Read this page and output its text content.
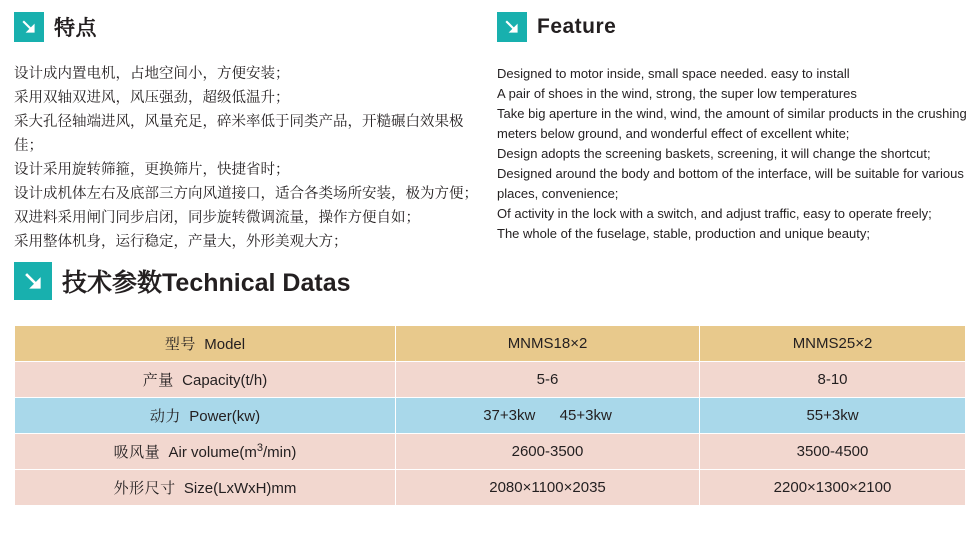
特点
设计成内置电机，占地空间小，方便安装；
采用双轴双进风，风压强劲，超级低温升；
采大孔径轴端进风，风量充足，碎米率低于同类产品，开糙碾白效果极佳；
设计采用旋转筛箍，更换筛片，快捷省时；
设计成机体左右及底部三方向风道接口，适合各类场所安装，极为方便；
双进料采用闸门同步启闭，同步旋转微调流量，操作方便自如；
采用整体机身，运行稳定，产量大，外形美观大方；
Feature
Designed to motor inside, small space needed. easy to install
A pair of shoes in the wind, strong, the super low temperatures
Take big aperture in the wind, wind, the amount of similar products in the crushing
meters below ground, and wonderful effect of excellent white;
Design adopts the screening baskets, screening, it will change the shortcut;
Designed around the body and bottom of the interface, will be suitable for various
places, convenience;
Of activity in the lock with a switch, and adjust traffic, easy to operate freely;
The whole of the fuselage, stable, production and unique beauty;
技术参数Technical Datas
型号 Model	MNMS18×2	MNMS25×2
产量 Capacity(t/h)	5-6	8-10
动力 Power(kw)	37+3kw 45+3kw	55+3kw
吸风量 Air $volume(m^3/\min)$	2600-3500	3500-4500
外形尺寸 Size(LxWxH)mm	2080×1100×2035	2200×1300×2100
